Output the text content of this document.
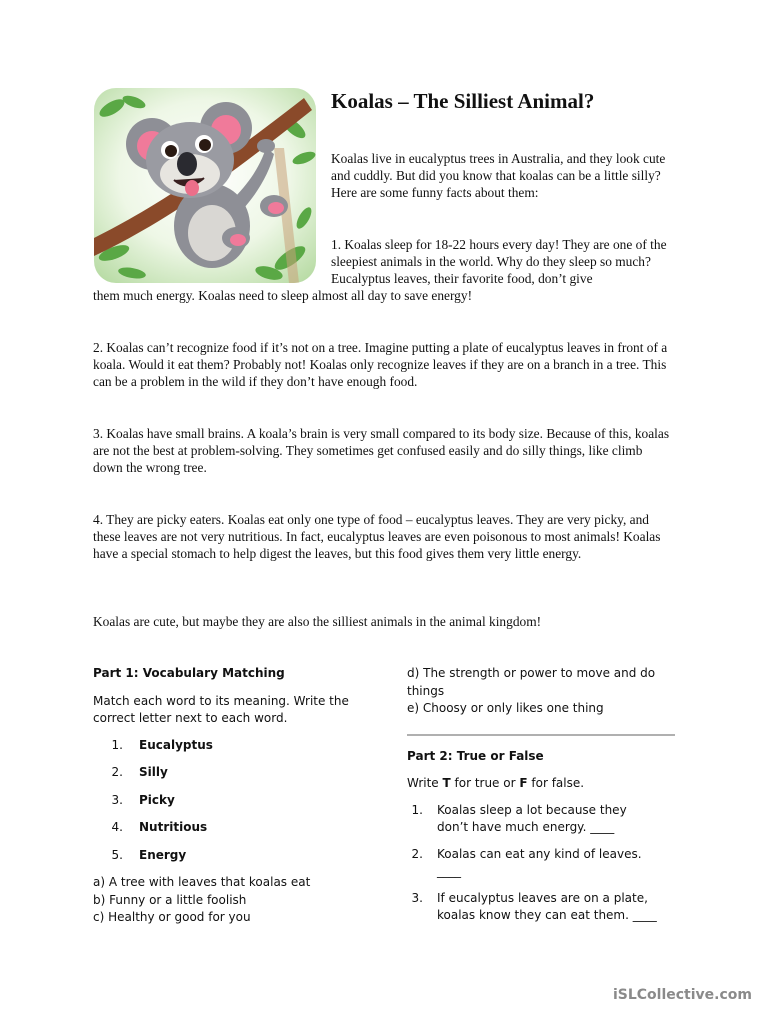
Koalas – The Silliest Animal?

Koalas live in eucalyptus trees in Australia, and they look cute and cuddly. But did you know that koalas can be a little silly? Here are some funny facts about them:

1. Koalas sleep for 18-22 hours every day! They are one of the sleepiest animals in the world. Why do they sleep so much? Eucalyptus leaves, their favorite food, don’t give

them much energy. Koalas need to sleep almost all day to save energy!

2. Koalas can’t recognize food if it’s not on a tree. Imagine putting a plate of eucalyptus leaves in front of a koala. Would it eat them? Probably not! Koalas only recognize leaves if they are on a branch in a tree. This can be a problem in the wild if they don’t have enough food.

3. Koalas have small brains. A koala’s brain is very small compared to its body size. Because of this, koalas are not the best at problem-solving. They sometimes get confused easily and do silly things, like climb down the wrong tree.

4. They are picky eaters. Koalas eat only one type of food – eucalyptus leaves. They are very picky, and these leaves are not very nutritious. In fact, eucalyptus leaves are even poisonous to most animals! Koalas have a special stomach to help digest the leaves, but this food gives them very little energy.

Koalas are cute, but maybe they are also the silliest animals in the animal kingdom!

Part 1: Vocabulary Matching

Match each word to its meaning. Write the correct letter next to each word.

1.	Eucalyptus
2.	Silly
3.	Picky
4.	Nutritious
5.	Energy
a) A tree with leaves that koalas eat
b) Funny or a little foolish
c) Healthy or good for you
d) The strength or power to move and do things
e) Choosy or only likes one thing

Part 2: True or False

Write T for true or F for false.

1.	Koalas sleep a lot because they don’t have much energy. ____
2.	Koalas can eat any kind of leaves. ____
3.	If eucalyptus leaves are on a plate, koalas know they can eat them. ____
iSLCollective.com
